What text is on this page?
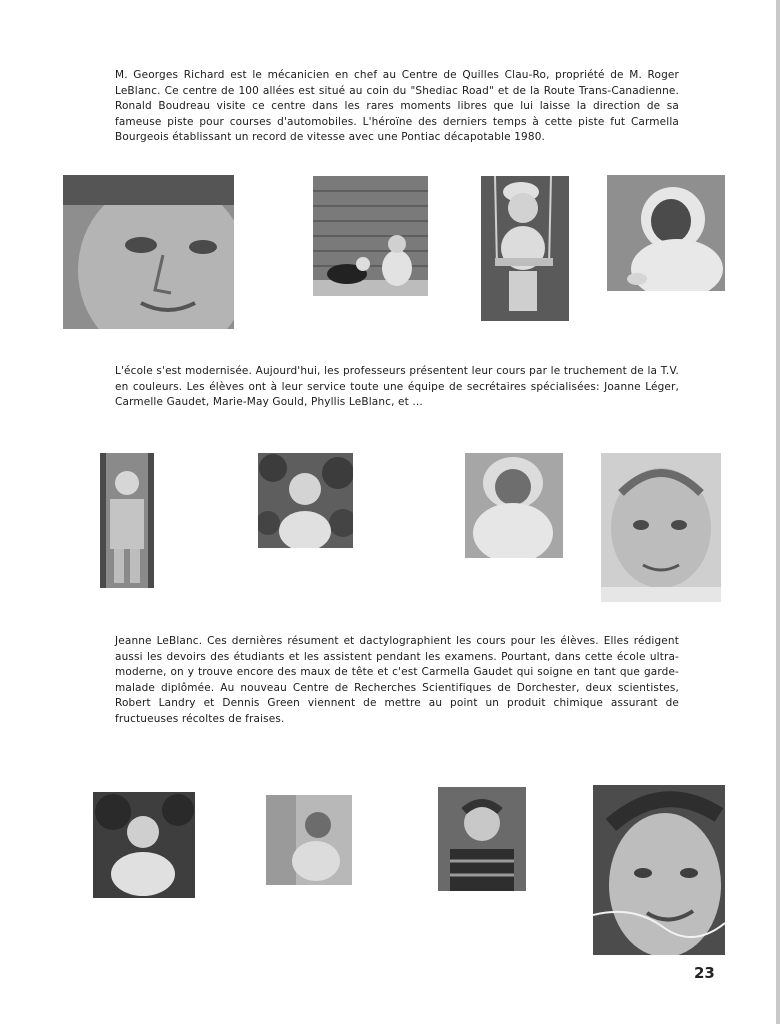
M. Georges Richard est le mécanicien en chef au Centre de Quilles Clau-Ro, propriété de M. Roger LeBlanc. Ce centre de 100 allées est situé au coin du "Shediac Road" et de la Route Trans-Canadienne. Ronald Boudreau visite ce centre dans les rares moments libres que lui laisse la direction de sa fameuse piste pour courses d'automobiles. L'héroïne des derniers temps à cette piste fut Carmella Bourgeois établissant un record de vitesse avec une Pontiac décapotable 1980.

L'école s'est modernisée. Aujourd'hui, les professeurs présentent leur cours par le truchement de la T.V. en couleurs. Les élèves ont à leur service toute une équipe de secrétaires spécialisées: Joanne Léger, Carmelle Gaudet, Marie-May Gould, Phyllis LeBlanc, et ...

Jeanne LeBlanc. Ces dernières résument et dactylographient les cours pour les élèves. Elles rédigent aussi les devoirs des étudiants et les assistent pendant les examens. Pourtant, dans cette école ultra-moderne, on y trouve encore des maux de tête et c'est Carmella Gaudet qui soigne en tant que garde-malade diplômée. Au nouveau Centre de Recherches Scientifiques de Dorchester, deux scientistes, Robert Landry et Dennis Green viennent de mettre au point un produit chimique assurant de fructueuses récoltes de fraises.

23
